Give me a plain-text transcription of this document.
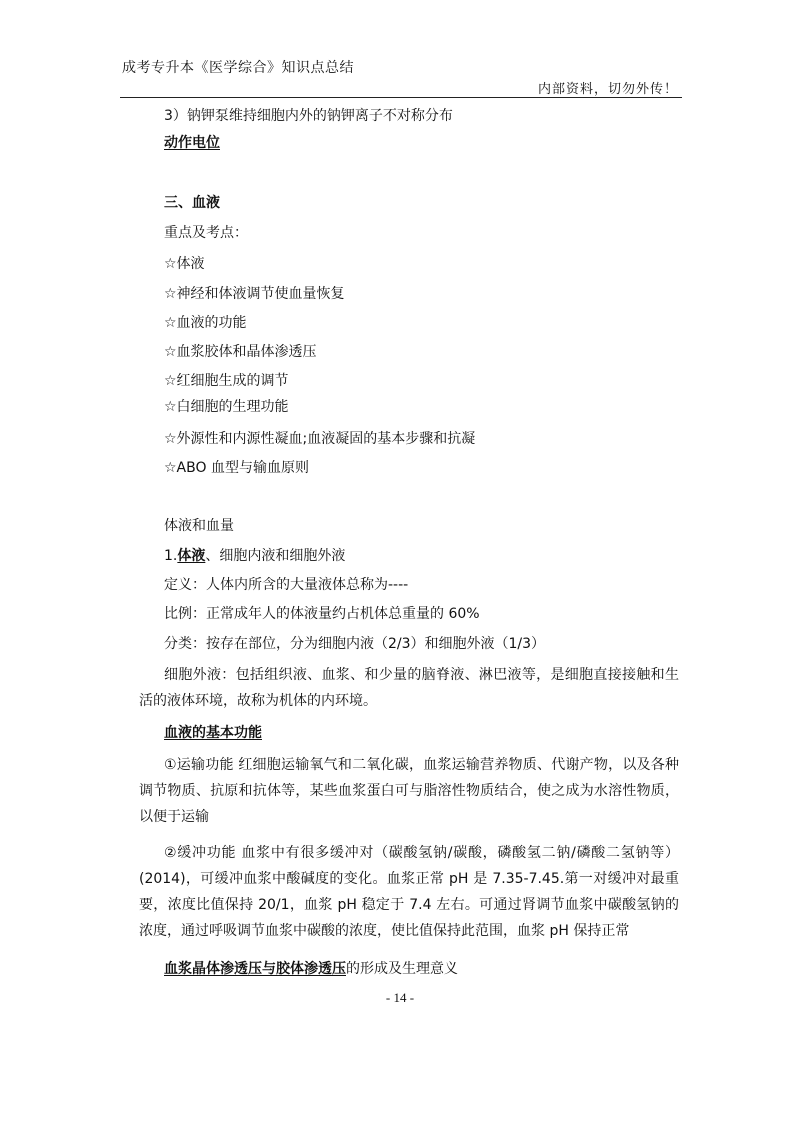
成考专升本《医学综合》知识点总结
内部资料，切勿外传！
3）钠钾泵维持细胞内外的钠钾离子不对称分布
动作电位
三、血液
重点及考点：
☆体液
☆神经和体液调节使血量恢复
☆血液的功能
☆血浆胶体和晶体渗透压
☆红细胞生成的调节
☆白细胞的生理功能
☆外源性和内源性凝血;血液凝固的基本步骤和抗凝
☆ABO 血型与输血原则
体液和血量
1.体液、细胞内液和细胞外液
定义：人体内所含的大量液体总称为----
比例：正常成年人的体液量约占机体总重量的 60%
分类：按存在部位，分为细胞内液（2/3）和细胞外液（1/3）
细胞外液：包括组织液、血浆、和少量的脑脊液、淋巴液等，是细胞直接接触和生活的液体环境，故称为机体的内环境。
血液的基本功能
①运输功能 红细胞运输氧气和二氧化碳，血浆运输营养物质、代谢产物，以及各种调节物质、抗原和抗体等，某些血浆蛋白可与脂溶性物质结合，使之成为水溶性物质，以便于运输
②缓冲功能 血浆中有很多缓冲对（碳酸氢钠/碳酸，磷酸氢二钠/磷酸二氢钠等）(2014)，可缓冲血浆中酸碱度的变化。血浆正常 pH 是 7.35-7.45.第一对缓冲对最重要，浓度比值保持 20/1，血浆 pH 稳定于 7.4 左右。可通过肾调节血浆中碳酸氢钠的浓度，通过呼吸调节血浆中碳酸的浓度，使比值保持此范围，血浆 pH 保持正常
血浆晶体渗透压与胶体渗透压的形成及生理意义
- 14 -
